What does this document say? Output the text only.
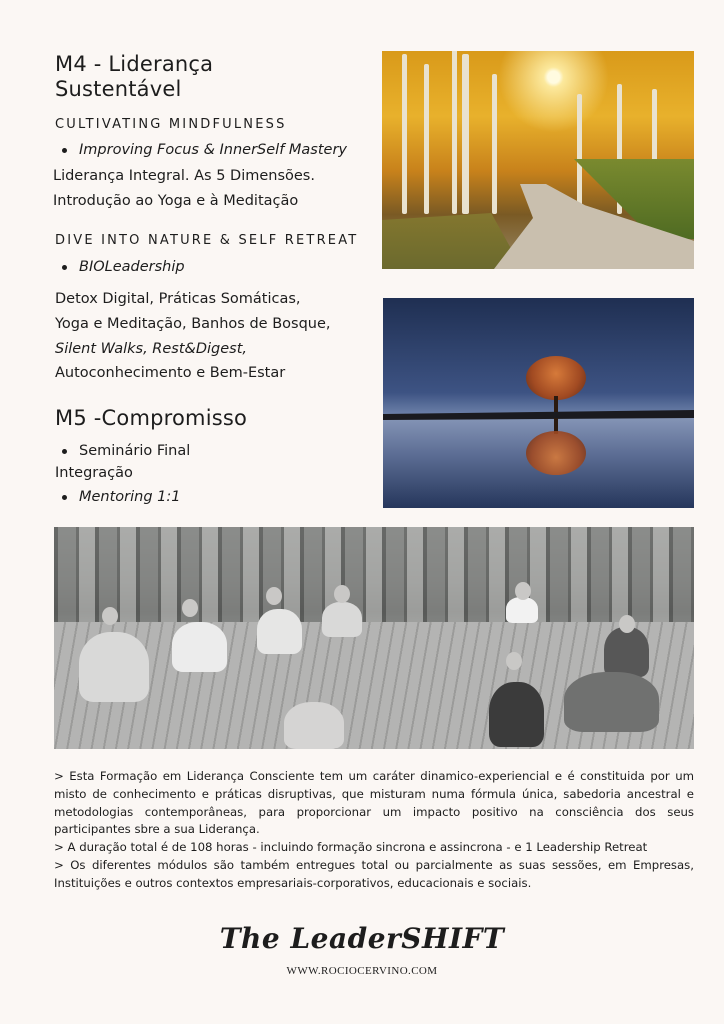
M4 - Liderança
Sustentável
CULTIVATING MINDFULNESS
Improving Focus & InnerSelf Mastery
Liderança Integral. As 5 Dimensões.
Introdução ao Yoga e à Meditação
DIVE INTO NATURE & SELF RETREAT
BIOLeadership
Detox Digital, Práticas Somáticas,
Yoga e Meditação, Banhos de Bosque,
Silent Walks, Rest&Digest,
Autoconhecimento e Bem-Estar
M5 -Compromisso
Seminário Final
Integração
Mentoring 1:1

> Esta Formação em Liderança Consciente tem um caráter dinamico-experiencial e é constituida por um misto de conhecimento e práticas disruptivas, que misturam numa fórmula única, sabedoria ancestral e metodologias contemporâneas, para proporcionar um impacto positivo na consciência dos seus participantes sbre a sua Liderança.

> A duração total é de 108 horas - incluindo formação sincrona e assincrona - e 1 Leadership Retreat

> Os diferentes módulos são também entregues total ou parcialmente as suas sessões, em Empresas, Instituições e outros contextos empresariais-corporativos, educacionais e sociais.

The LeaderSHIFT
WWW.ROCIOCERVINO.COM
